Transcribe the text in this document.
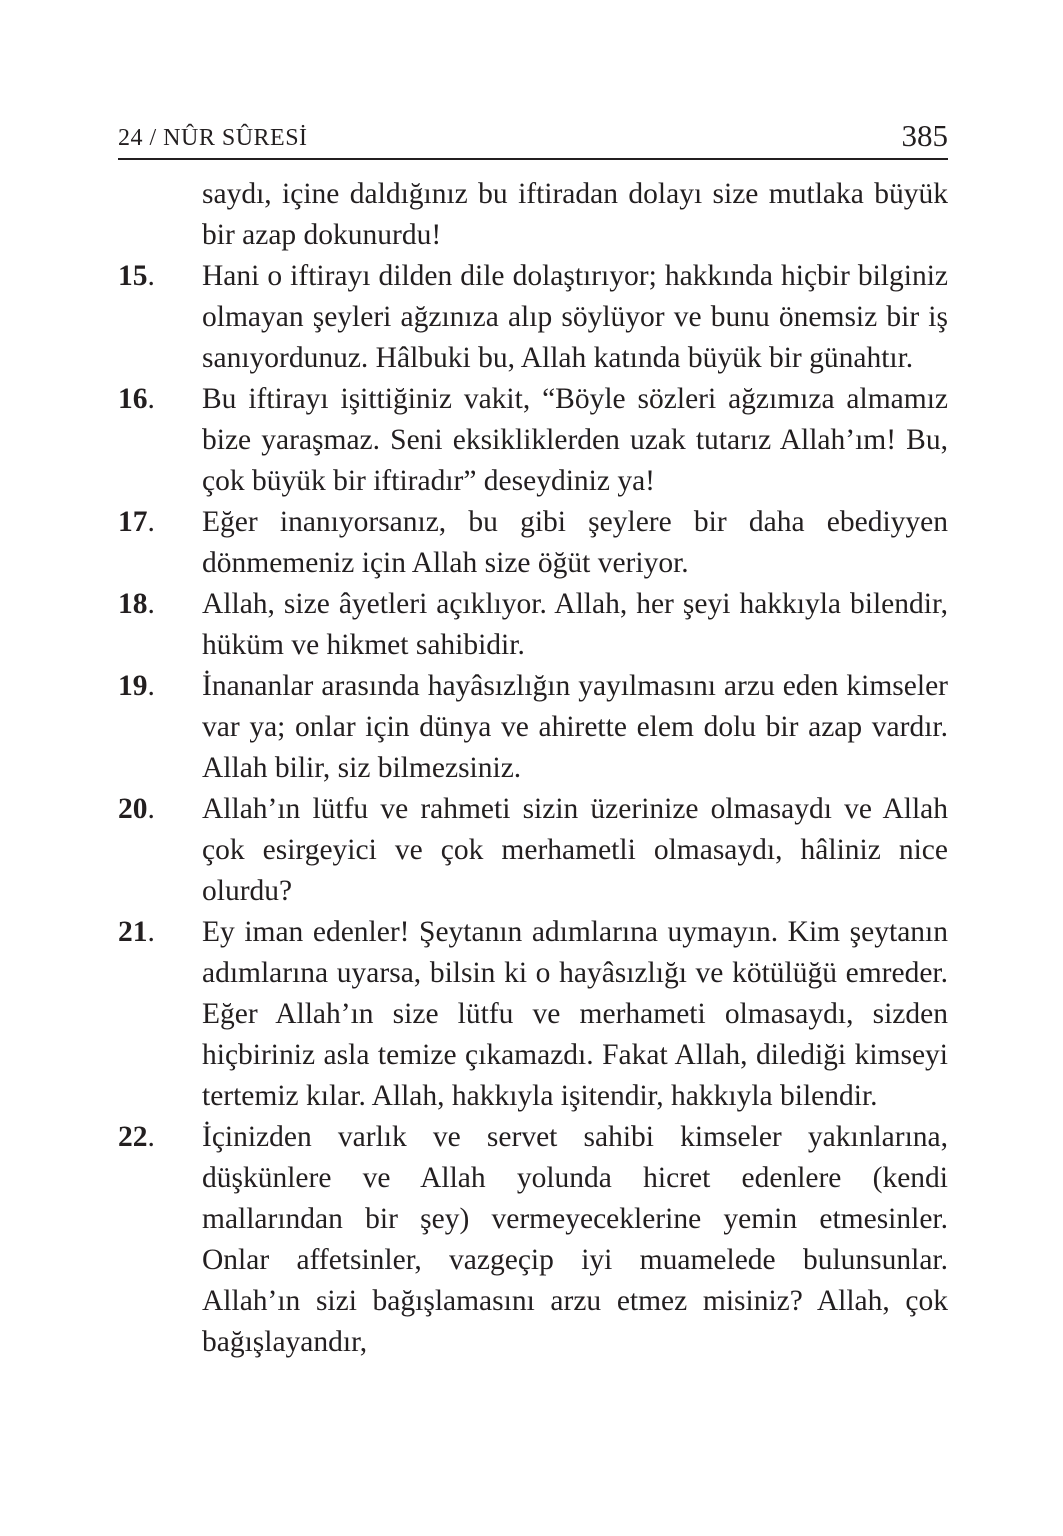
24 / NÛR SÛRESİ	385
saydı, içine daldığınız bu iftiradan dolayı size mutlaka büyük bir azap dokunurdu!
15.	Hani o iftirayı dilden dile dolaştırıyor; hakkında hiçbir bilginiz olmayan şeyleri ağzınıza alıp söylüyor ve bunu önemsiz bir iş sanıyordunuz. Hâlbuki bu, Allah katında büyük bir günahtır.
16.	Bu iftirayı işittiğiniz vakit, “Böyle sözleri ağzımıza almamız bize yaraşmaz. Seni eksikliklerden uzak tutarız Allah’ım! Bu, çok büyük bir iftiradır” deseydiniz ya!
17.	Eğer inanıyorsanız, bu gibi şeylere bir daha ebediyyen dönmemeniz için Allah size öğüt veriyor.
18.	Allah, size âyetleri açıklıyor. Allah, her şeyi hakkıyla bilendir, hüküm ve hikmet sahibidir.
19.	İnananlar arasında hayâsızlığın yayılmasını arzu eden kimseler var ya; onlar için dünya ve ahirette elem dolu bir azap vardır. Allah bilir, siz bilmezsiniz.
20.	Allah’ın lütfu ve rahmeti sizin üzerinize olmasaydı ve Allah çok esirgeyici ve çok merhametli olmasaydı, hâliniz nice olurdu?
21.	Ey iman edenler! Şeytanın adımlarına uymayın. Kim şeytanın adımlarına uyarsa, bilsin ki o hayâsızlığı ve kötülüğü emreder. Eğer Allah’ın size lütfu ve merhameti olmasaydı, sizden hiçbiriniz asla temize çıkamazdı. Fakat Allah, dilediği kimseyi tertemiz kılar. Allah, hakkıyla işitendir, hakkıyla bilendir.
22.	İçinizden varlık ve servet sahibi kimseler yakınlarına, düşkünlere ve Allah yolunda hicret edenlere (kendi mallarından bir şey) vermeyeceklerine yemin etmesinler. Onlar affetsinler, vazgeçip iyi muamelede bulunsunlar. Allah’ın sizi bağışlamasını arzu etmez misiniz? Allah, çok bağışlayandır,
